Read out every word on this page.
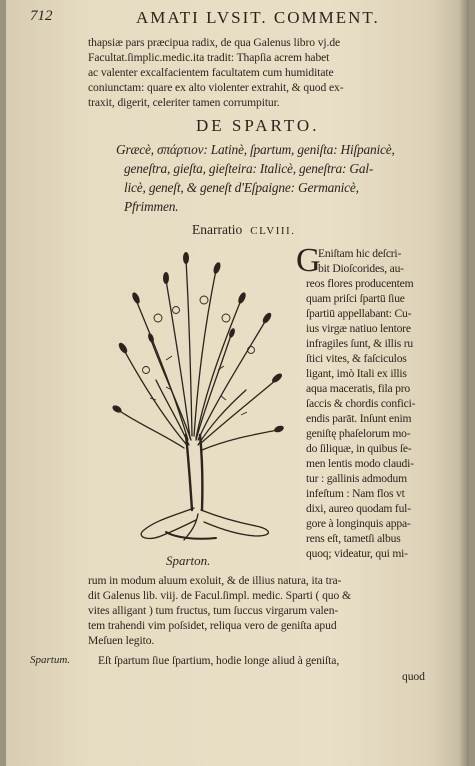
712	AMATI LVSIT. COMMENT.
thapsiæ pars præcipua radix, de qua Galenus libro vj.de
Facultat.ſimplic.medic.ita tradit: Thapſia acrem habet
ac valenter excalfacientem facultatem cum humiditate
coniunctam: quare ex alto violenter extrahit, & quod ex-
traxit, digerit, celeriter tamen corrumpitur.
DE SPARTO.
Græcè, σπάρτιον: Latinè, ſpartum, geniſta: Hiſpanicè,
geneſtra, gieſta, gieſteira: Italicè, geneſtra: Gal-
licè, geneſt, & geneſt d'Eſpaigne: Germanicè,
Pfrimmen.
Enarratio CLVIII.
G
Eniſtam hic deſcri-
bit Dioſcorides, au-
reos flores producentem
quam priſci ſpartū ſiue
ſpartiū appellabant: Cu-
ius virgæ natiuo lentore
infragiles ſunt, & illis ru
ſtici vites, & faſciculos
ligant, imò Itali ex illis
aqua maceratis, fila pro
ſaccis & chordis confici-
endis parāt. Inſunt enim
geniſtę phaſelorum mo-
do ſiliquæ, in quibus ſe-
men lentis modo claudi-
tur : gallinis admodum
infeſtum : Nam flos vt
dixi, aureo quodam ful-
gore à longinquis appa-
rens eſt, tametſi albus
quoq; videatur, qui mi-
Sparton.
rum in modum aluum exoluit, & de illius natura, ita tra-
dit Galenus lib. viij. de Facul.ſimpl. medic. Sparti ( quo &
vites alligant ) tum fructus, tum ſuccus virgarum valen-
tem trahendi vim poſsidet, reliqua vero de geniſta apud
Meſuen legito.
Spartum. Eſt ſpartum ſiue ſpartium, hodie longe aliud à geniſta,
quod
